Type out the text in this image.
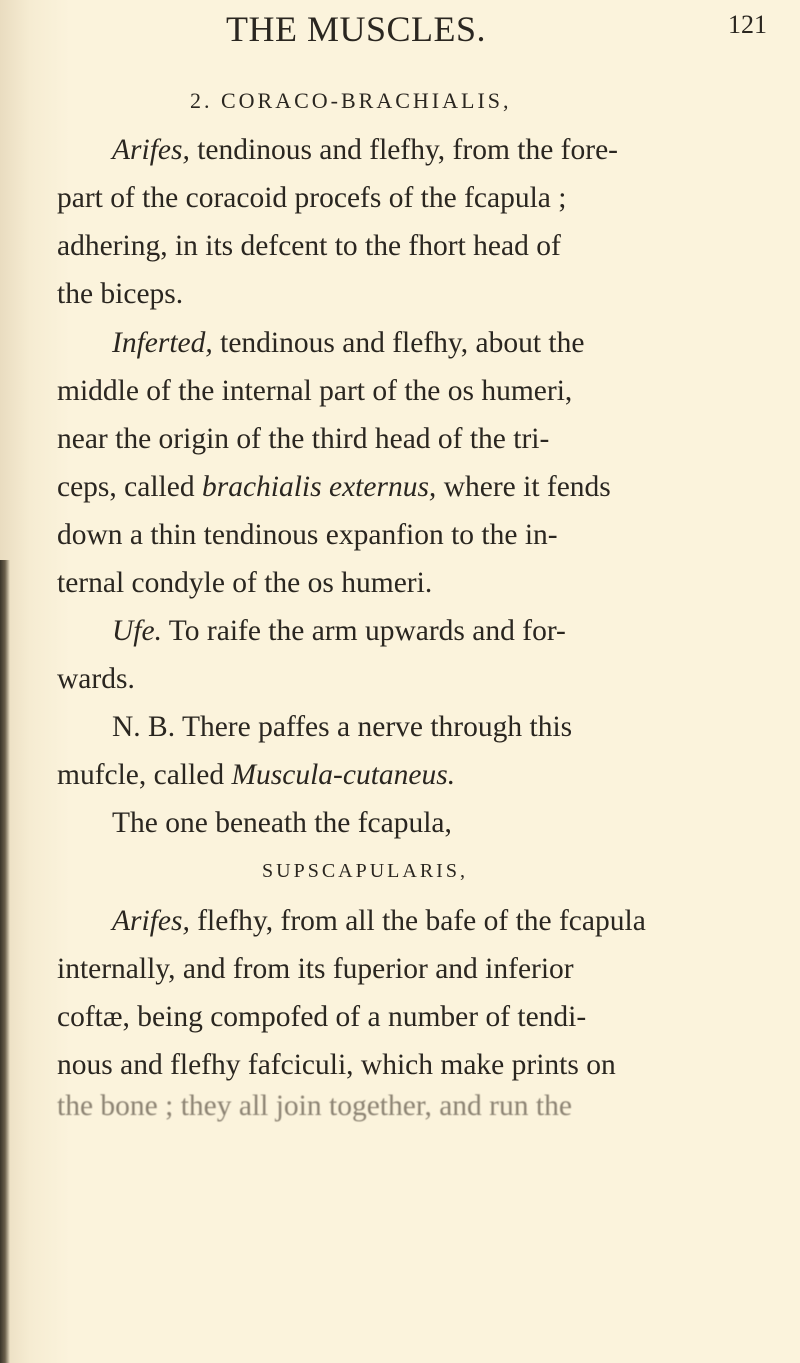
THE MUSCLES.	121
2. CORACO-BRACHIALIS,
Arifes, tendinous and flefhy, from the fore-
part of the coracoid procefs of the fcapula ;
adhering, in its defcent to the fhort head of
the biceps.
Inferted, tendinous and flefhy, about the
middle of the internal part of the os humeri,
near the origin of the third head of the tri-
ceps, called brachialis externus, where it fends
down a thin tendinous expanfion to the in-
ternal condyle of the os humeri.
Ufe. To raife the arm upwards and for-
wards.
N. B. There paffes a nerve through this
mufcle, called Muscula-cutaneus.
The one beneath the fcapula,
SUPSCAPULARIS,
Arifes, flefhy, from all the bafe of the fcapula
internally, and from its fuperior and inferior
coftæ, being compofed of a number of tendi-
nous and flefhy fafciculi, which make prints on
the bone ; they all join together, and run the
